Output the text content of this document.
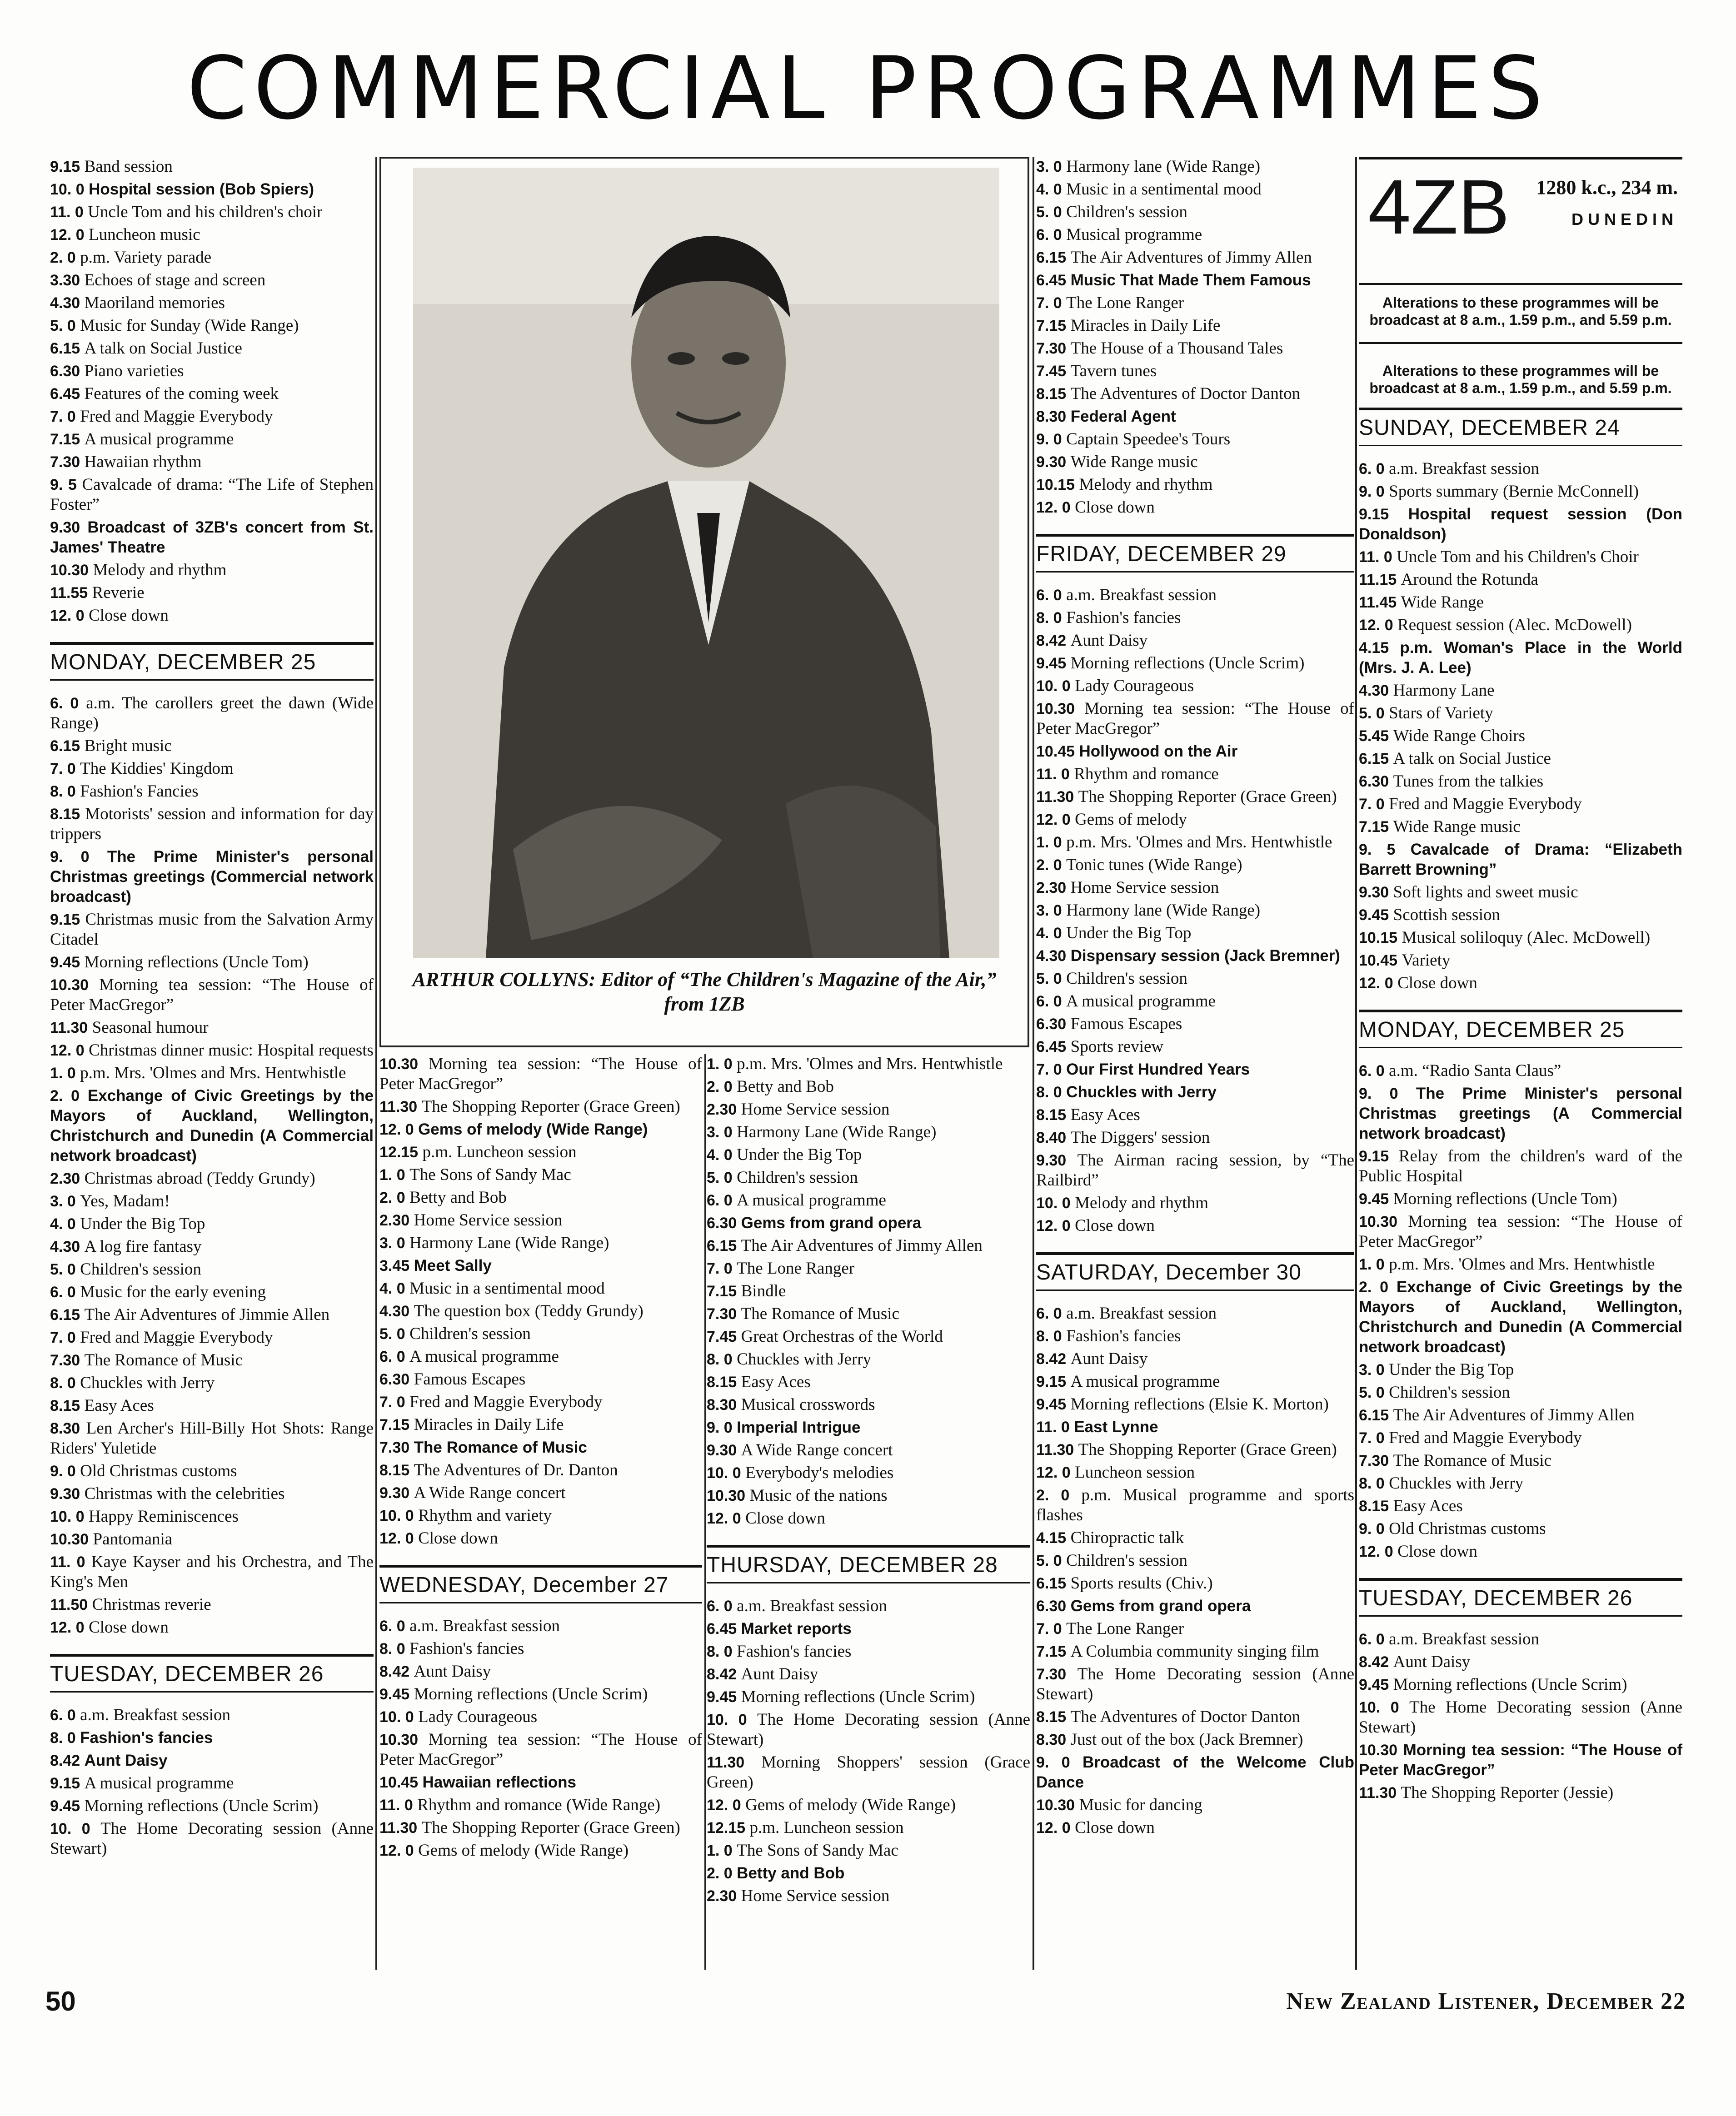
COMMERCIAL PROGRAMMES
9.15 Band session
10. 0 Hospital session (Bob Spiers)
11. 0 Uncle Tom and his children's choir
12. 0 Luncheon music
2. 0 p.m. Variety parade
3.30 Echoes of stage and screen
4.30 Maoriland memories
5. 0 Music for Sunday (Wide Range)
6.15 A talk on Social Justice
6.30 Piano varieties
6.45 Features of the coming week
7. 0 Fred and Maggie Everybody
7.15 A musical programme
7.30 Hawaiian rhythm
9. 5 Cavalcade of drama: “The Life of Stephen Foster”
9.30 Broadcast of 3ZB's concert from St. James' Theatre
10.30 Melody and rhythm
11.55 Reverie
12. 0 Close down
MONDAY, DECEMBER 25
6. 0 a.m. The carollers greet the dawn (Wide Range)
6.15 Bright music
7. 0 The Kiddies' Kingdom
8. 0 Fashion's Fancies
8.15 Motorists' session and information for day trippers
9. 0 The Prime Minister's personal Christmas greetings (Commercial network broadcast)
9.15 Christmas music from the Salvation Army Citadel
9.45 Morning reflections (Uncle Tom)
10.30 Morning tea session: “The House of Peter MacGregor”
11.30 Seasonal humour
12. 0 Christmas dinner music: Hospital requests
1. 0 p.m. Mrs. 'Olmes and Mrs. Hentwhistle
2. 0 Exchange of Civic Greetings by the Mayors of Auckland, Wellington, Christchurch and Dunedin (A Commercial network broadcast)
2.30 Christmas abroad (Teddy Grundy)
3. 0 Yes, Madam!
4. 0 Under the Big Top
4.30 A log fire fantasy
5. 0 Children's session
6. 0 Music for the early evening
6.15 The Air Adventures of Jimmie Allen
7. 0 Fred and Maggie Everybody
7.30 The Romance of Music
8. 0 Chuckles with Jerry
8.15 Easy Aces
8.30 Len Archer's Hill-Billy Hot Shots: Range Riders' Yuletide
9. 0 Old Christmas customs
9.30 Christmas with the celebrities
10. 0 Happy Reminiscences
10.30 Pantomania
11. 0 Kaye Kayser and his Orchestra, and The King's Men
11.50 Christmas reverie
12. 0 Close down
TUESDAY, DECEMBER 26
6. 0 a.m. Breakfast session
8. 0 Fashion's fancies
8.42 Aunt Daisy
9.15 A musical programme
9.45 Morning reflections (Uncle Scrim)
10. 0 The Home Decorating session (Anne Stewart)
ARTHUR COLLYNS: Editor of “The Children's Magazine of the Air,” from 1ZB
10.30 Morning tea session: “The House of Peter MacGregor”
11.30 The Shopping Reporter (Grace Green)
12. 0 Gems of melody (Wide Range)
12.15 p.m. Luncheon session
1. 0 The Sons of Sandy Mac
2. 0 Betty and Bob
2.30 Home Service session
3. 0 Harmony Lane (Wide Range)
3.45 Meet Sally
4. 0 Music in a sentimental mood
4.30 The question box (Teddy Grundy)
5. 0 Children's session
6. 0 A musical programme
6.30 Famous Escapes
7. 0 Fred and Maggie Everybody
7.15 Miracles in Daily Life
7.30 The Romance of Music
8.15 The Adventures of Dr. Danton
9.30 A Wide Range concert
10. 0 Rhythm and variety
12. 0 Close down
WEDNESDAY, December 27
6. 0 a.m. Breakfast session
8. 0 Fashion's fancies
8.42 Aunt Daisy
9.45 Morning reflections (Uncle Scrim)
10. 0 Lady Courageous
10.30 Morning tea session: “The House of Peter MacGregor”
10.45 Hawaiian reflections
11. 0 Rhythm and romance (Wide Range)
11.30 The Shopping Reporter (Grace Green)
12. 0 Gems of melody (Wide Range)
1. 0 p.m. Mrs. 'Olmes and Mrs. Hentwhistle
2. 0 Betty and Bob
2.30 Home Service session
3. 0 Harmony Lane (Wide Range)
4. 0 Under the Big Top
5. 0 Children's session
6. 0 A musical programme
6.30 Gems from grand opera
6.15 The Air Adventures of Jimmy Allen
7. 0 The Lone Ranger
7.15 Bindle
7.30 The Romance of Music
7.45 Great Orchestras of the World
8. 0 Chuckles with Jerry
8.15 Easy Aces
8.30 Musical crosswords
9. 0 Imperial Intrigue
9.30 A Wide Range concert
10. 0 Everybody's melodies
10.30 Music of the nations
12. 0 Close down
THURSDAY, DECEMBER 28
6. 0 a.m. Breakfast session
6.45 Market reports
8. 0 Fashion's fancies
8.42 Aunt Daisy
9.45 Morning reflections (Uncle Scrim)
10. 0 The Home Decorating session (Anne Stewart)
11.30 Morning Shoppers' session (Grace Green)
12. 0 Gems of melody (Wide Range)
12.15 p.m. Luncheon session
1. 0 The Sons of Sandy Mac
2. 0 Betty and Bob
2.30 Home Service session
3. 0 Harmony lane (Wide Range)
4. 0 Music in a sentimental mood
5. 0 Children's session
6. 0 Musical programme
6.15 The Air Adventures of Jimmy Allen
6.45 Music That Made Them Famous
7. 0 The Lone Ranger
7.15 Miracles in Daily Life
7.30 The House of a Thousand Tales
7.45 Tavern tunes
8.15 The Adventures of Doctor Danton
8.30 Federal Agent
9. 0 Captain Speedee's Tours
9.30 Wide Range music
10.15 Melody and rhythm
12. 0 Close down
FRIDAY, DECEMBER 29
6. 0 a.m. Breakfast session
8. 0 Fashion's fancies
8.42 Aunt Daisy
9.45 Morning reflections (Uncle Scrim)
10. 0 Lady Courageous
10.30 Morning tea session: “The House of Peter MacGregor”
10.45 Hollywood on the Air
11. 0 Rhythm and romance
11.30 The Shopping Reporter (Grace Green)
12. 0 Gems of melody
1. 0 p.m. Mrs. 'Olmes and Mrs. Hentwhistle
2. 0 Tonic tunes (Wide Range)
2.30 Home Service session
3. 0 Harmony lane (Wide Range)
4. 0 Under the Big Top
4.30 Dispensary session (Jack Bremner)
5. 0 Children's session
6. 0 A musical programme
6.30 Famous Escapes
6.45 Sports review
7. 0 Our First Hundred Years
8. 0 Chuckles with Jerry
8.15 Easy Aces
8.40 The Diggers' session
9.30 The Airman racing session, by “The Railbird”
10. 0 Melody and rhythm
12. 0 Close down
SATURDAY, December 30
6. 0 a.m. Breakfast session
8. 0 Fashion's fancies
8.42 Aunt Daisy
9.15 A musical programme
9.45 Morning reflections (Elsie K. Morton)
11. 0 East Lynne
11.30 The Shopping Reporter (Grace Green)
12. 0 Luncheon session
2. 0 p.m. Musical programme and sports flashes
4.15 Chiropractic talk
5. 0 Children's session
6.15 Sports results (Chiv.)
6.30 Gems from grand opera
7. 0 The Lone Ranger
7.15 A Columbia community singing film
7.30 The Home Decorating session (Anne Stewart)
8.15 The Adventures of Doctor Danton
8.30 Just out of the box (Jack Bremner)
9. 0 Broadcast of the Welcome Club Dance
10.30 Music for dancing
12. 0 Close down
4ZB 1280 k.c., 234 m.
DUNEDIN
Alterations to these programmes will be broadcast at 8 a.m., 1.59 p.m., and 5.59 p.m.
Alterations to these programmes will be broadcast at 8 a.m., 1.59 p.m., and 5.59 p.m.
SUNDAY, DECEMBER 24
6. 0 a.m. Breakfast session
9. 0 Sports summary (Bernie McConnell)
9.15 Hospital request session (Don Donaldson)
11. 0 Uncle Tom and his Children's Choir
11.15 Around the Rotunda
11.45 Wide Range
12. 0 Request session (Alec. McDowell)
4.15 p.m. Woman's Place in the World (Mrs. J. A. Lee)
4.30 Harmony Lane
5. 0 Stars of Variety
5.45 Wide Range Choirs
6.15 A talk on Social Justice
6.30 Tunes from the talkies
7. 0 Fred and Maggie Everybody
7.15 Wide Range music
9. 5 Cavalcade of Drama: “Elizabeth Barrett Browning”
9.30 Soft lights and sweet music
9.45 Scottish session
10.15 Musical soliloquy (Alec. McDowell)
10.45 Variety
12. 0 Close down
MONDAY, DECEMBER 25
6. 0 a.m. “Radio Santa Claus”
9. 0 The Prime Minister's personal Christmas greetings (A Commercial network broadcast)
9.15 Relay from the children's ward of the Public Hospital
9.45 Morning reflections (Uncle Tom)
10.30 Morning tea session: “The House of Peter MacGregor”
1. 0 p.m. Mrs. 'Olmes and Mrs. Hentwhistle
2. 0 Exchange of Civic Greetings by the Mayors of Auckland, Wellington, Christchurch and Dunedin (A Commercial network broadcast)
3. 0 Under the Big Top
5. 0 Children's session
6.15 The Air Adventures of Jimmy Allen
7. 0 Fred and Maggie Everybody
7.30 The Romance of Music
8. 0 Chuckles with Jerry
8.15 Easy Aces
9. 0 Old Christmas customs
12. 0 Close down
TUESDAY, DECEMBER 26
6. 0 a.m. Breakfast session
8.42 Aunt Daisy
9.45 Morning reflections (Uncle Scrim)
10. 0 The Home Decorating session (Anne Stewart)
10.30 Morning tea session: “The House of Peter MacGregor”
11.30 The Shopping Reporter (Jessie)
50	New Zealand Listener, December 22
